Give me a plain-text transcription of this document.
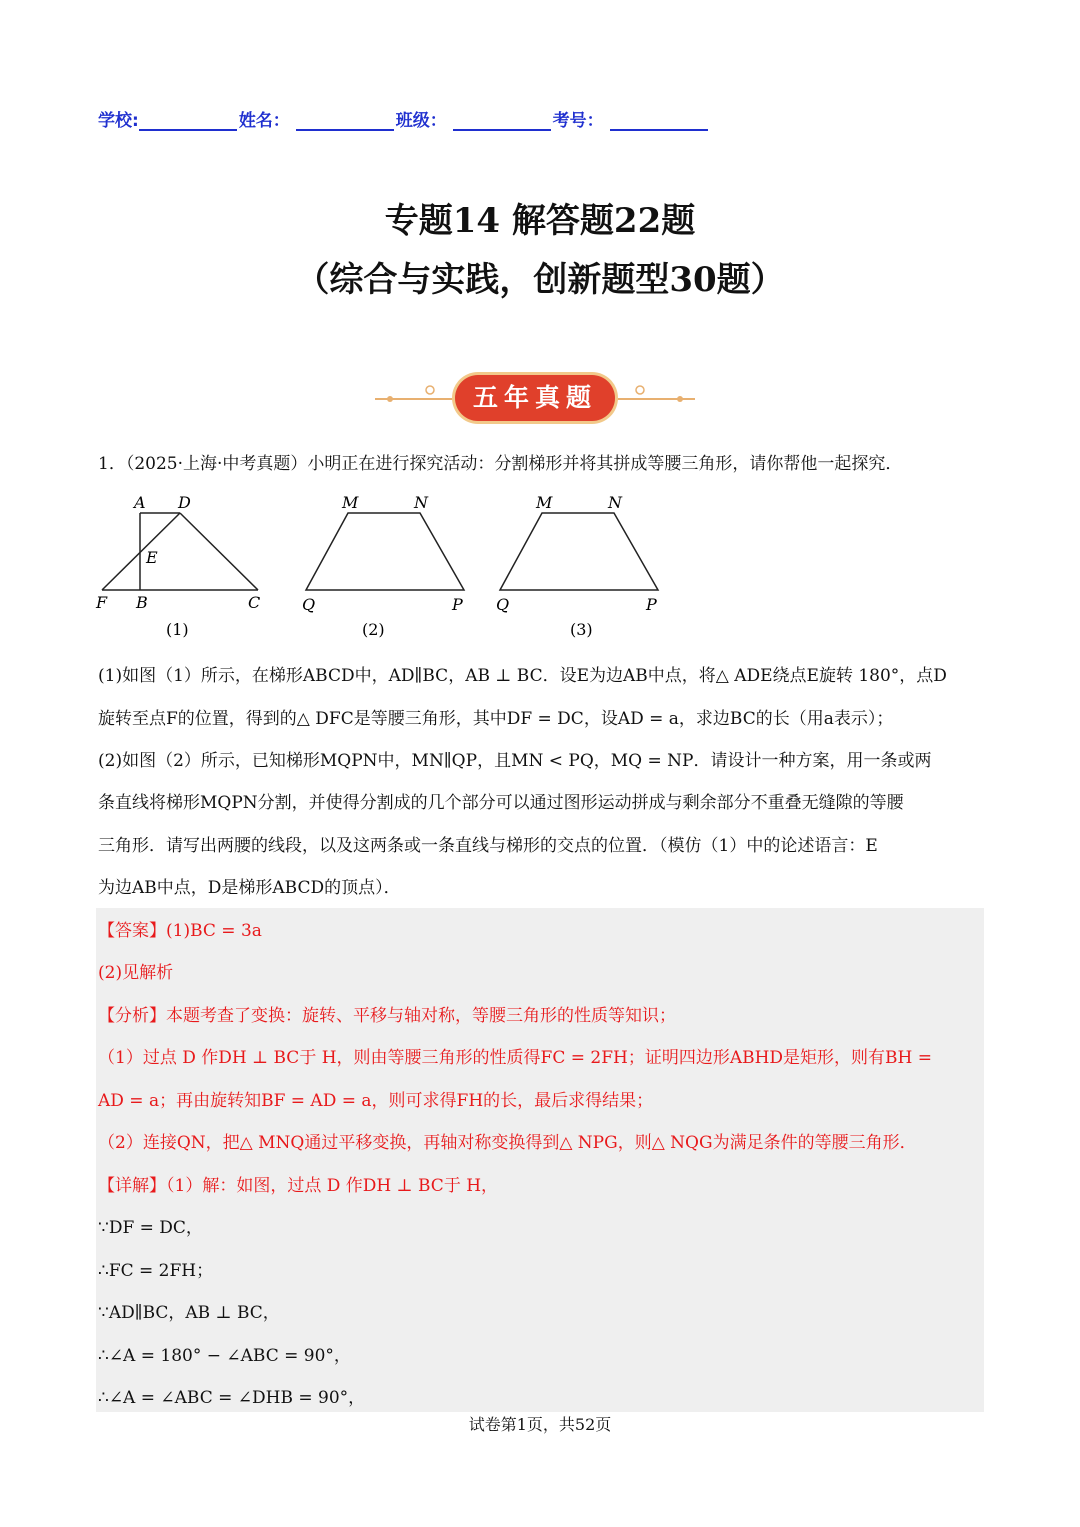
学校:	姓名：	班级：	考号：
专题14 解答题22题
（综合与实践，创新题型30题）
五年真题
⁠
1．（2025·上海·中考真题）小明正在进行探究活动：分割梯形并将其拼成等腰三角形，请你帮他一起探究．
A D
E
F B	C
(1)
M	N
Q	P
(2)
M	N
Q	P
(3)
(1)如图（1）所示，在梯形ABCD中，AD∥BC，AB ⊥ BC．设E为边AB中点，将△ ADE绕点E旋转 180°，点D
旋转至点F的位置，得到的△ DFC是等腰三角形，其中DF = DC，设AD = a，求边BC的长（用a表示）；
(2)如图（2）所示，已知梯形MQPN中，MN∥QP，且MN < PQ，MQ = NP．请设计一种方案，用一条或两
条直线将梯形MQPN分割，并使得分割成的几个部分可以通过图形运动拼成与剩余部分不重叠无缝隙的等腰
三角形．请写出两腰的线段，以及这两条或一条直线与梯形的交点的位置．（模仿（1）中的论述语言：E
为边AB中点，D是梯形ABCD的顶点）．
【答案】(1)BC = 3a
(2)见解析
【分析】本题考查了变换：旋转、平移与轴对称，等腰三角形的性质等知识；
（1）过点 D 作DH ⊥ BC于 H，则由等腰三角形的性质得FC = 2FH；证明四边形ABHD是矩形，则有BH =
AD = a；再由旋转知BF = AD = a，则可求得FH的长，最后求得结果；
（2）连接QN，把△ MNQ通过平移变换，再轴对称变换得到△ NPG，则△ NQG为满足条件的等腰三角形．
【详解】（1）解：如图，过点 D 作DH ⊥ BC于 H，
∵DF = DC，
∴FC = 2FH；
∵AD∥BC，AB ⊥ BC，
∴∠A = 180° − ∠ABC = 90°，
∴∠A = ∠ABC = ∠DHB = 90°，
试卷第1页，共52页
